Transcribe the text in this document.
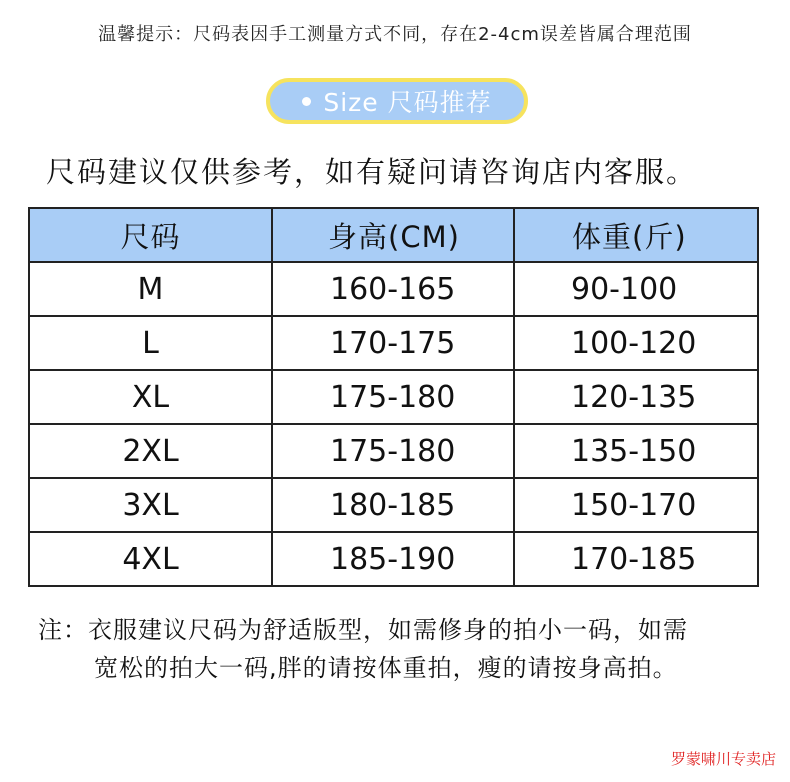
温馨提示：尺码表因手工测量方式不同，存在2-4cm误差皆属合理范围
Size 尺码推荐
尺码建议仅供参考，如有疑问请咨询店内客服。
尺码	身高(CM)	体重(斤)
M	160-165	90-100
L	170-175	100-120
XL	175-180	120-135
2XL	175-180	135-150
3XL	180-185	150-170
4XL	185-190	170-185
注：衣服建议尺码为舒适版型，如需修身的拍小一码，如需
宽松的拍大一码,胖的请按体重拍，瘦的请按身高拍。
罗蒙啸川专卖店
